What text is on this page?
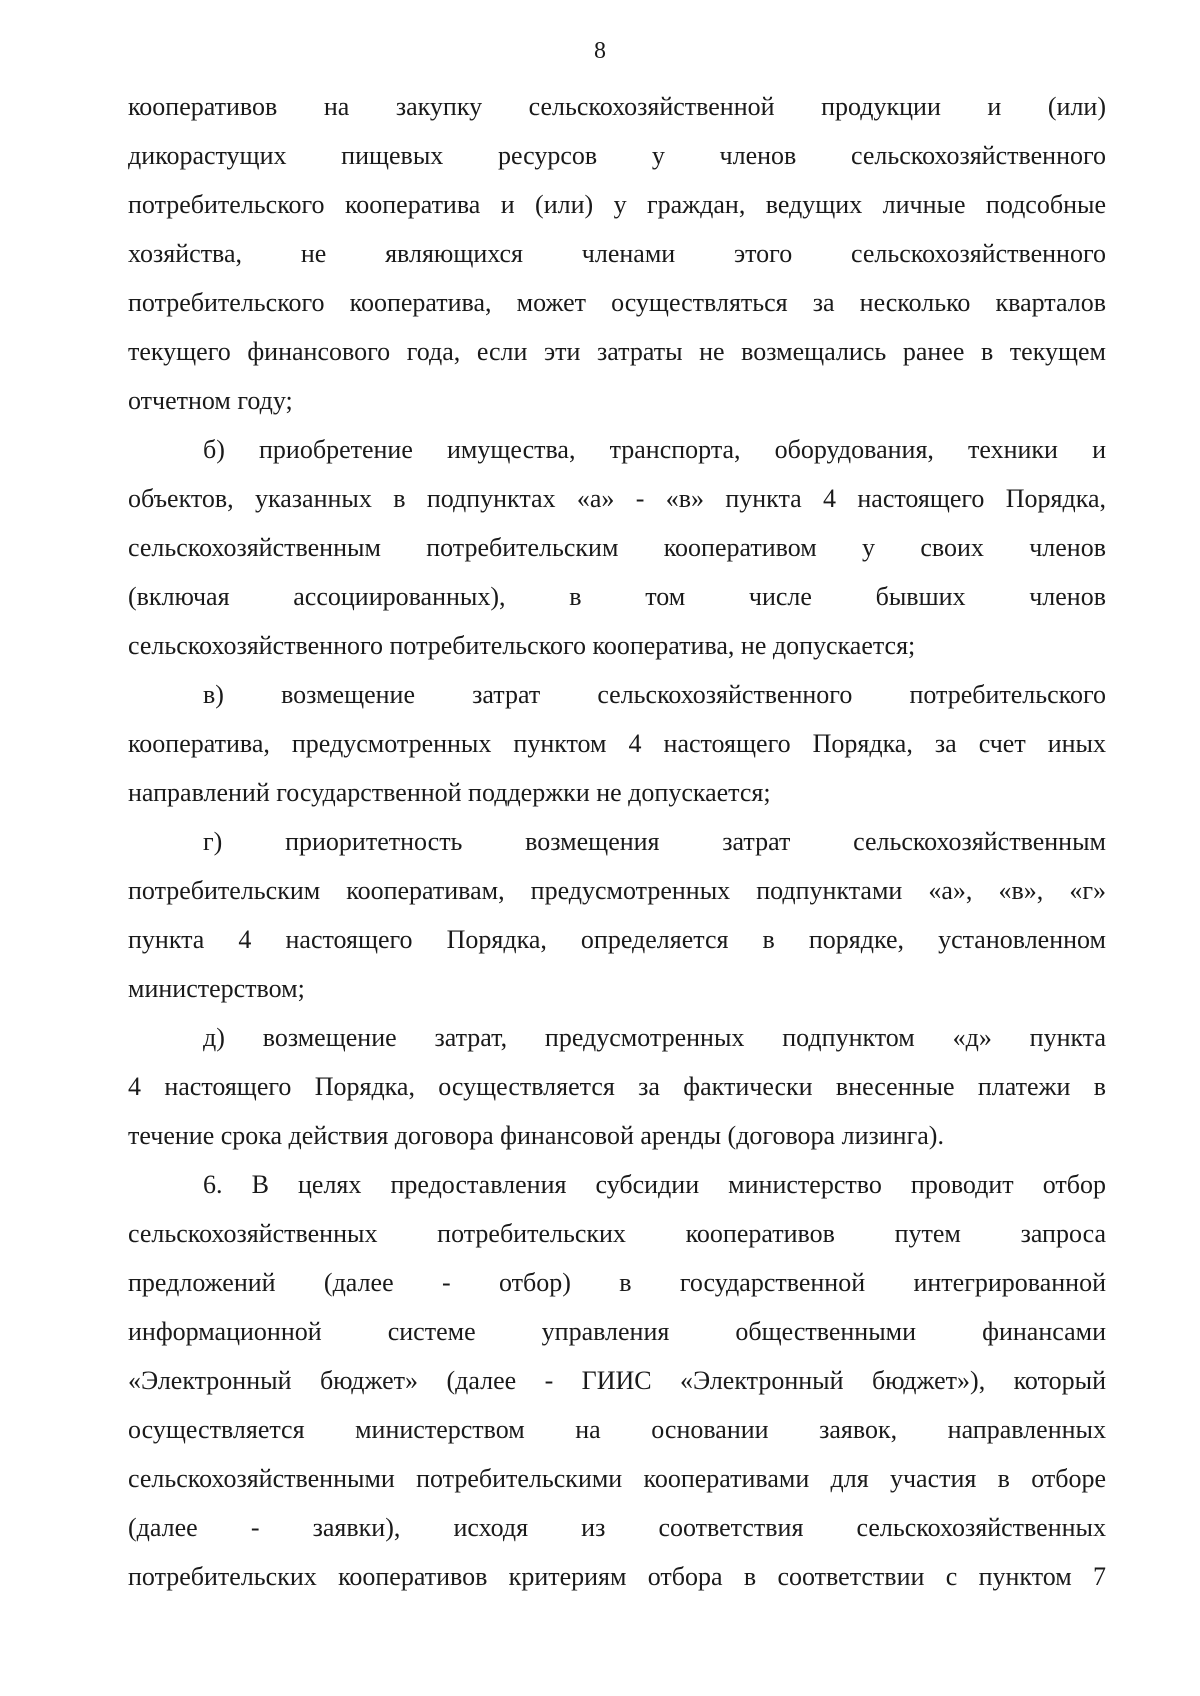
8
кооперативов на закупку сельскохозяйственной продукции и (или)
дикорастущих пищевых ресурсов у членов сельскохозяйственного
потребительского кооператива и (или) у граждан, ведущих личные подсобные
хозяйства, не являющихся членами этого сельскохозяйственного
потребительского кооператива, может осуществляться за несколько кварталов
текущего финансового года, если эти затраты не возмещались ранее в текущем
отчетном году;
б) приобретение имущества, транспорта, оборудования, техники и
объектов, указанных в подпунктах «а» - «в» пункта 4 настоящего Порядка,
сельскохозяйственным потребительским кооперативом у своих членов
(включая ассоциированных), в том числе бывших членов
сельскохозяйственного потребительского кооператива, не допускается;
в) возмещение затрат сельскохозяйственного потребительского
кооператива, предусмотренных пунктом 4 настоящего Порядка, за счет иных
направлений государственной поддержки не допускается;
г) приоритетность возмещения затрат сельскохозяйственным
потребительским кооперативам, предусмотренных подпунктами «а», «в», «г»
пункта 4 настоящего Порядка, определяется в порядке, установленном
министерством;
д) возмещение затрат, предусмотренных подпунктом «д» пункта
4 настоящего Порядка, осуществляется за фактически внесенные платежи в
течение срока действия договора финансовой аренды (договора лизинга).
6. В целях предоставления субсидии министерство проводит отбор
сельскохозяйственных потребительских кооперативов путем запроса
предложений (далее - отбор) в государственной интегрированной
информационной системе управления общественными финансами
«Электронный бюджет» (далее - ГИИС «Электронный бюджет»), который
осуществляется министерством на основании заявок, направленных
сельскохозяйственными потребительскими кооперативами для участия в отборе
(далее - заявки), исходя из соответствия сельскохозяйственных
потребительских кооперативов критериям отбора в соответствии с пунктом 7
